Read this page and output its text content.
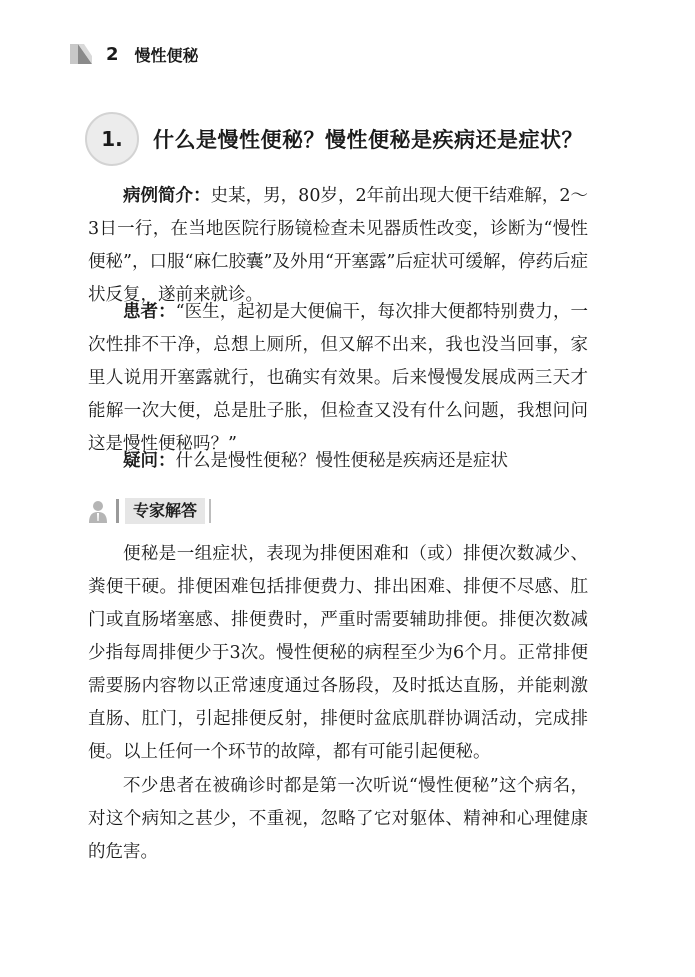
2 慢性便秘
1.	什么是慢性便秘？慢性便秘是疾病还是症状？

病例简介：史某，男，80岁，2年前出现大便干结难解，2～3日一行，在当地医院行肠镜检查未见器质性改变，诊断为“慢性便秘”，口服“麻仁胶囊”及外用“开塞露”后症状可缓解，停药后症状反复，遂前来就诊。

患者：“医生，起初是大便偏干，每次排大便都特别费力，一次性排不干净，总想上厕所，但又解不出来，我也没当回事，家里人说用开塞露就行，也确实有效果。后来慢慢发展成两三天才能解一次大便，总是肚子胀，但检查又没有什么问题，我想问问这是慢性便秘吗？”

疑问：什么是慢性便秘？慢性便秘是疾病还是症状

专家解答

便秘是一组症状，表现为排便困难和（或）排便次数减少、粪便干硬。排便困难包括排便费力、排出困难、排便不尽感、肛门或直肠堵塞感、排便费时，严重时需要辅助排便。排便次数减少指每周排便少于3次。慢性便秘的病程至少为6个月。正常排便需要肠内容物以正常速度通过各肠段，及时抵达直肠，并能刺激直肠、肛门，引起排便反射，排便时盆底肌群协调活动，完成排便。以上任何一个环节的故障，都有可能引起便秘。

不少患者在被确诊时都是第一次听说“慢性便秘”这个病名，对这个病知之甚少，不重视，忽略了它对躯体、精神和心理健康的危害。
